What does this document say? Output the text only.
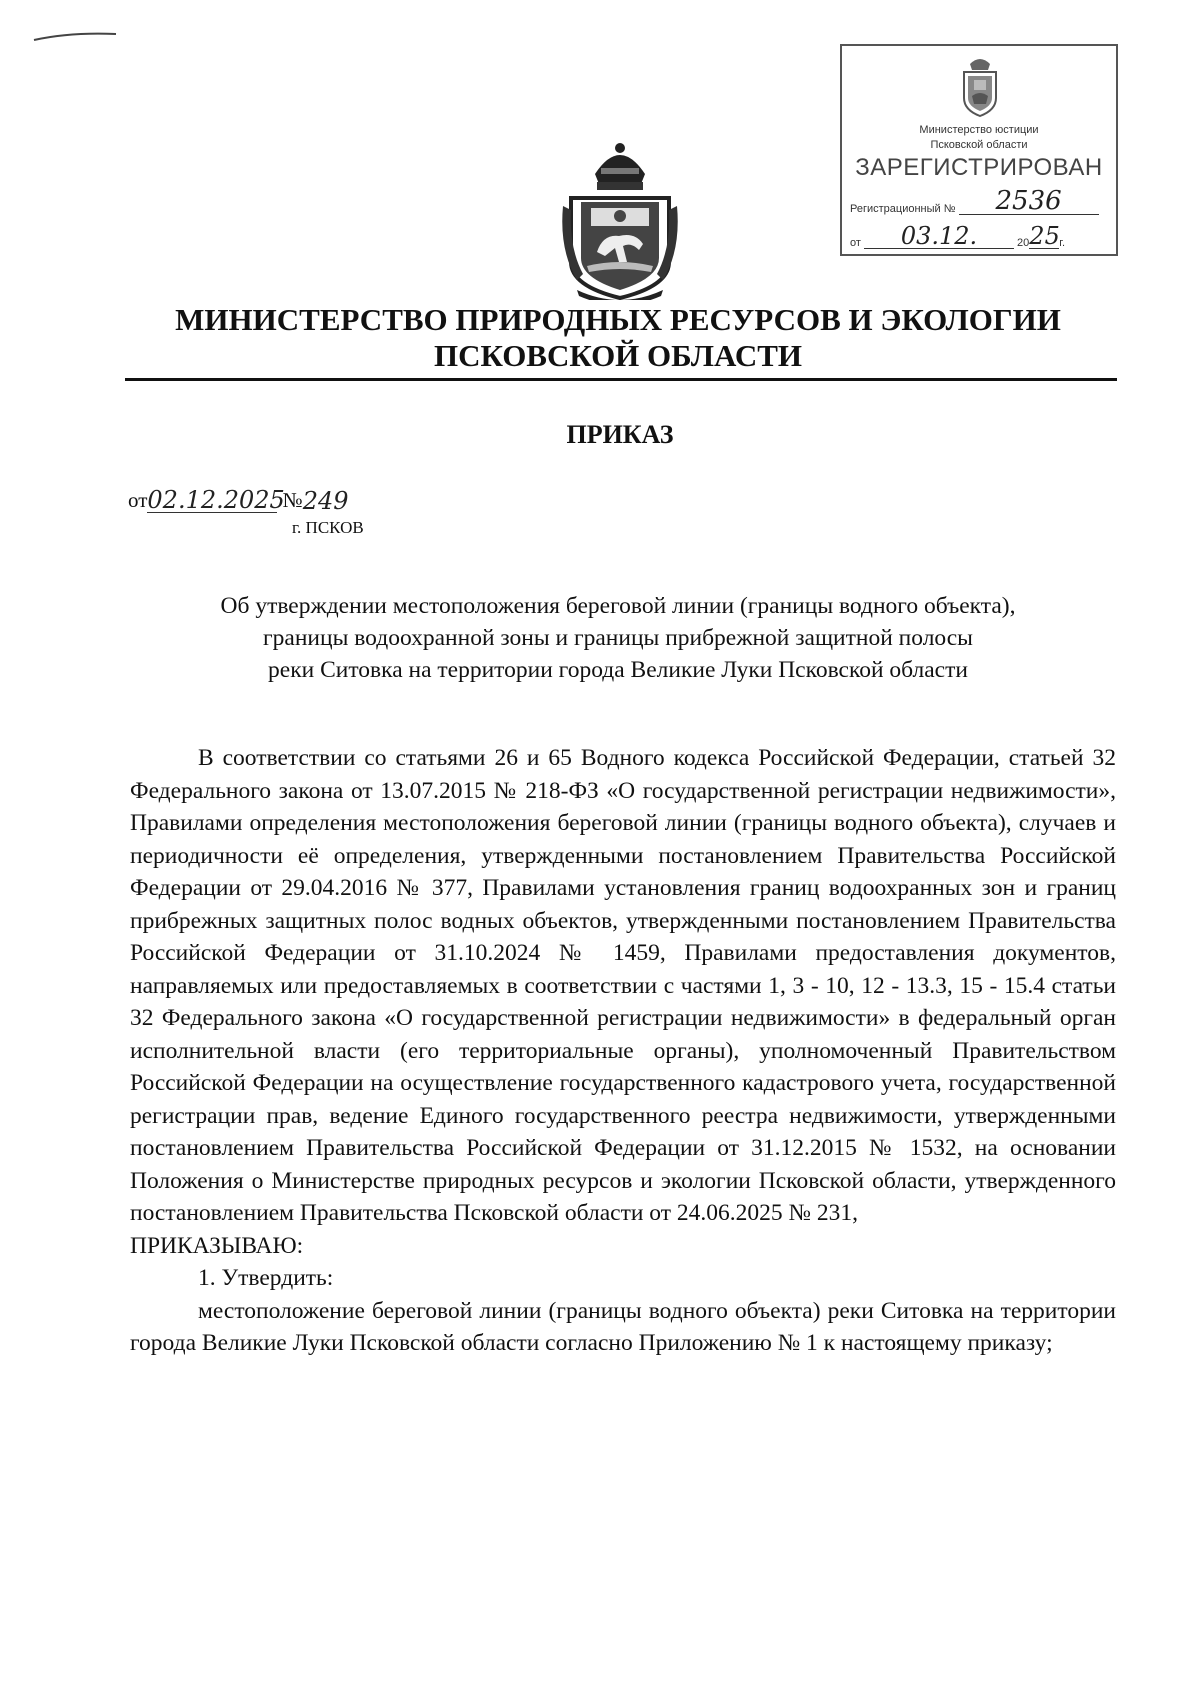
Министерство юстиции
Псковской области
ЗАРЕГИСТРИРОВАН
Регистрационный № 2536
от 03.12.	2025г.
МИНИСТЕРСТВО ПРИРОДНЫХ РЕСУРСОВ И ЭКОЛОГИИ
ПСКОВСКОЙ ОБЛАСТИ
ПРИКАЗ
от02.12.2025 №249
г. ПСКОВ
Об утверждении местоположения береговой линии (границы водного объекта),
границы водоохранной зоны и границы прибрежной защитной полосы
реки Ситовка на территории города Великие Луки Псковской области

В соответствии со статьями 26 и 65 Водного кодекса Российской Федерации, статьей 32 Федерального закона от 13.07.2015 № 218-ФЗ «О государственной регистрации недвижимости», Правилами определения местоположения береговой линии (границы водного объекта), случаев и периодичности её определения, утвержденными постановлением Правительства Российской Федерации от 29.04.2016 № 377, Правилами установления границ водоохранных зон и границ прибрежных защитных полос водных объектов, утвержденными постановлением Правительства Российской Федерации от 31.10.2024 № 1459, Правилами предоставления документов, направляемых или предоставляемых в соответствии с частями 1, 3 - 10, 12 - 13.3, 15 - 15.4 статьи 32 Федерального закона «О государственной регистрации недвижимости» в федеральный орган исполнительной власти (его территориальные органы), уполномоченный Правительством Российской Федерации на осуществление государственного кадастрового учета, государственной регистрации прав, ведение Единого государственного реестра недвижимости, утвержденными постановлением Правительства Российской Федерации от 31.12.2015 № 1532, на основании Положения о Министерстве природных ресурсов и экологии Псковской области, утвержденного постановлением Правительства Псковской области от 24.06.2025 № 231,

ПРИКАЗЫВАЮ:

1. Утвердить:

местоположение береговой линии (границы водного объекта) реки Ситовка на территории города Великие Луки Псковской области согласно Приложению № 1 к настоящему приказу;
